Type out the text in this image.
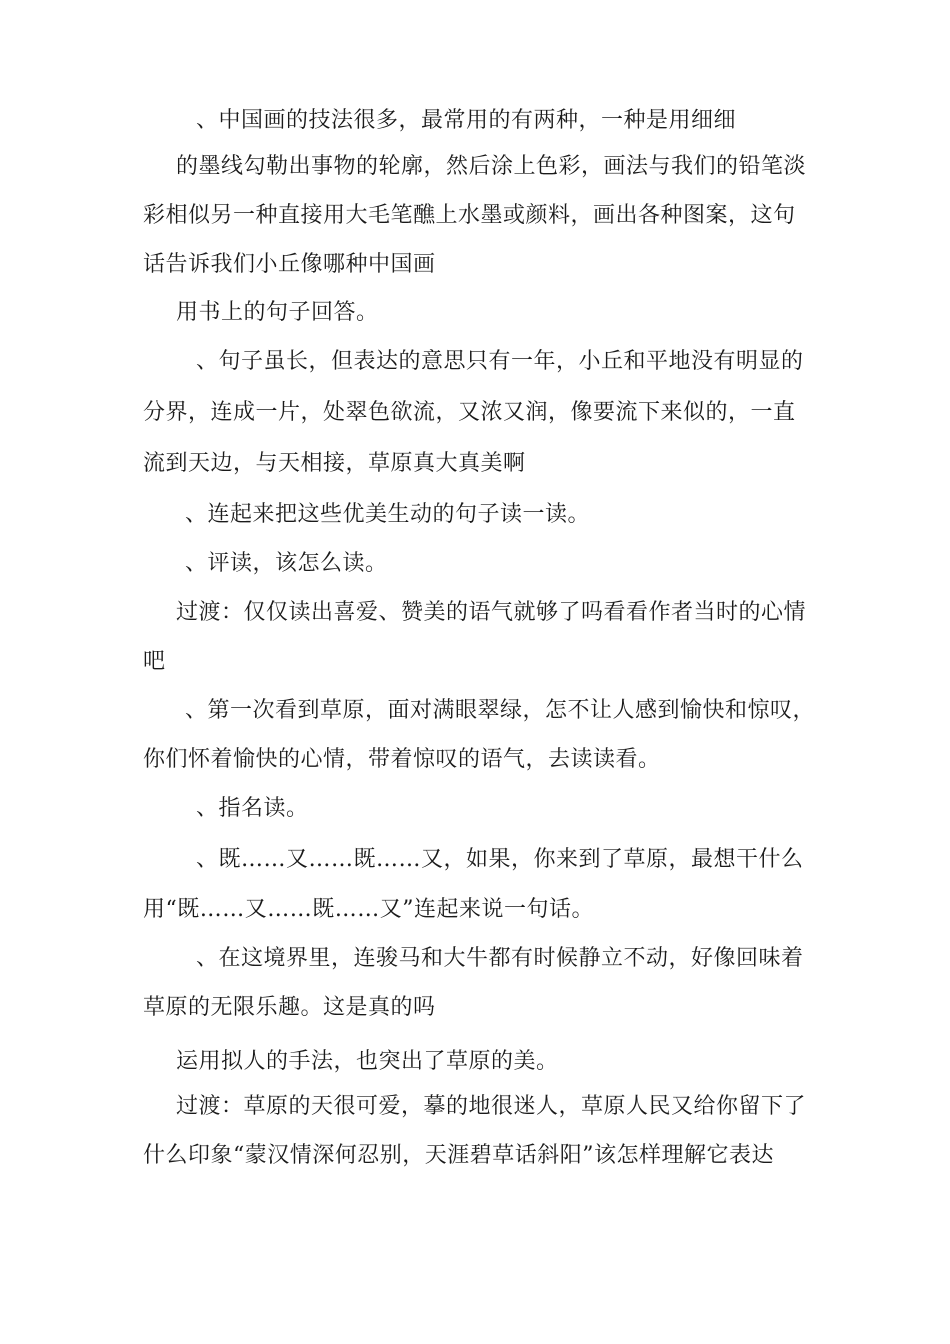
、中国画的技法很多，最常用的有两种，一种是用细细
的墨线勾勒出事物的轮廓，然后涂上色彩，画法与我们的铅笔淡
彩相似另一种直接用大毛笔醮上水墨或颜料，画出各种图案，这句
话告诉我们小丘像哪种中国画
用书上的句子回答。
、句子虽长，但表达的意思只有一年，小丘和平地没有明显的
分界，连成一片，处翠色欲流，又浓又润，像要流下来似的，一直
流到天边，与天相接，草原真大真美啊
、连起来把这些优美生动的句子读一读。
、评读，该怎么读。
过渡：仅仅读出喜爱、赞美的语气就够了吗看看作者当时的心情
吧
、第一次看到草原，面对满眼翠绿，怎不让人感到愉快和惊叹，
你们怀着愉快的心情，带着惊叹的语气，去读读看。
、指名读。
、既……又……既……又，如果，你来到了草原，最想干什么
用“既……又……既……又”连起来说一句话。
、在这境界里，连骏马和大牛都有时候静立不动，好像回味着
草原的无限乐趣。这是真的吗
运用拟人的手法，也突出了草原的美。
过渡：草原的天很可爱，摹的地很迷人，草原人民又给你留下了
什么印象“蒙汉情深何忍别，天涯碧草话斜阳”该怎样理解它表达
